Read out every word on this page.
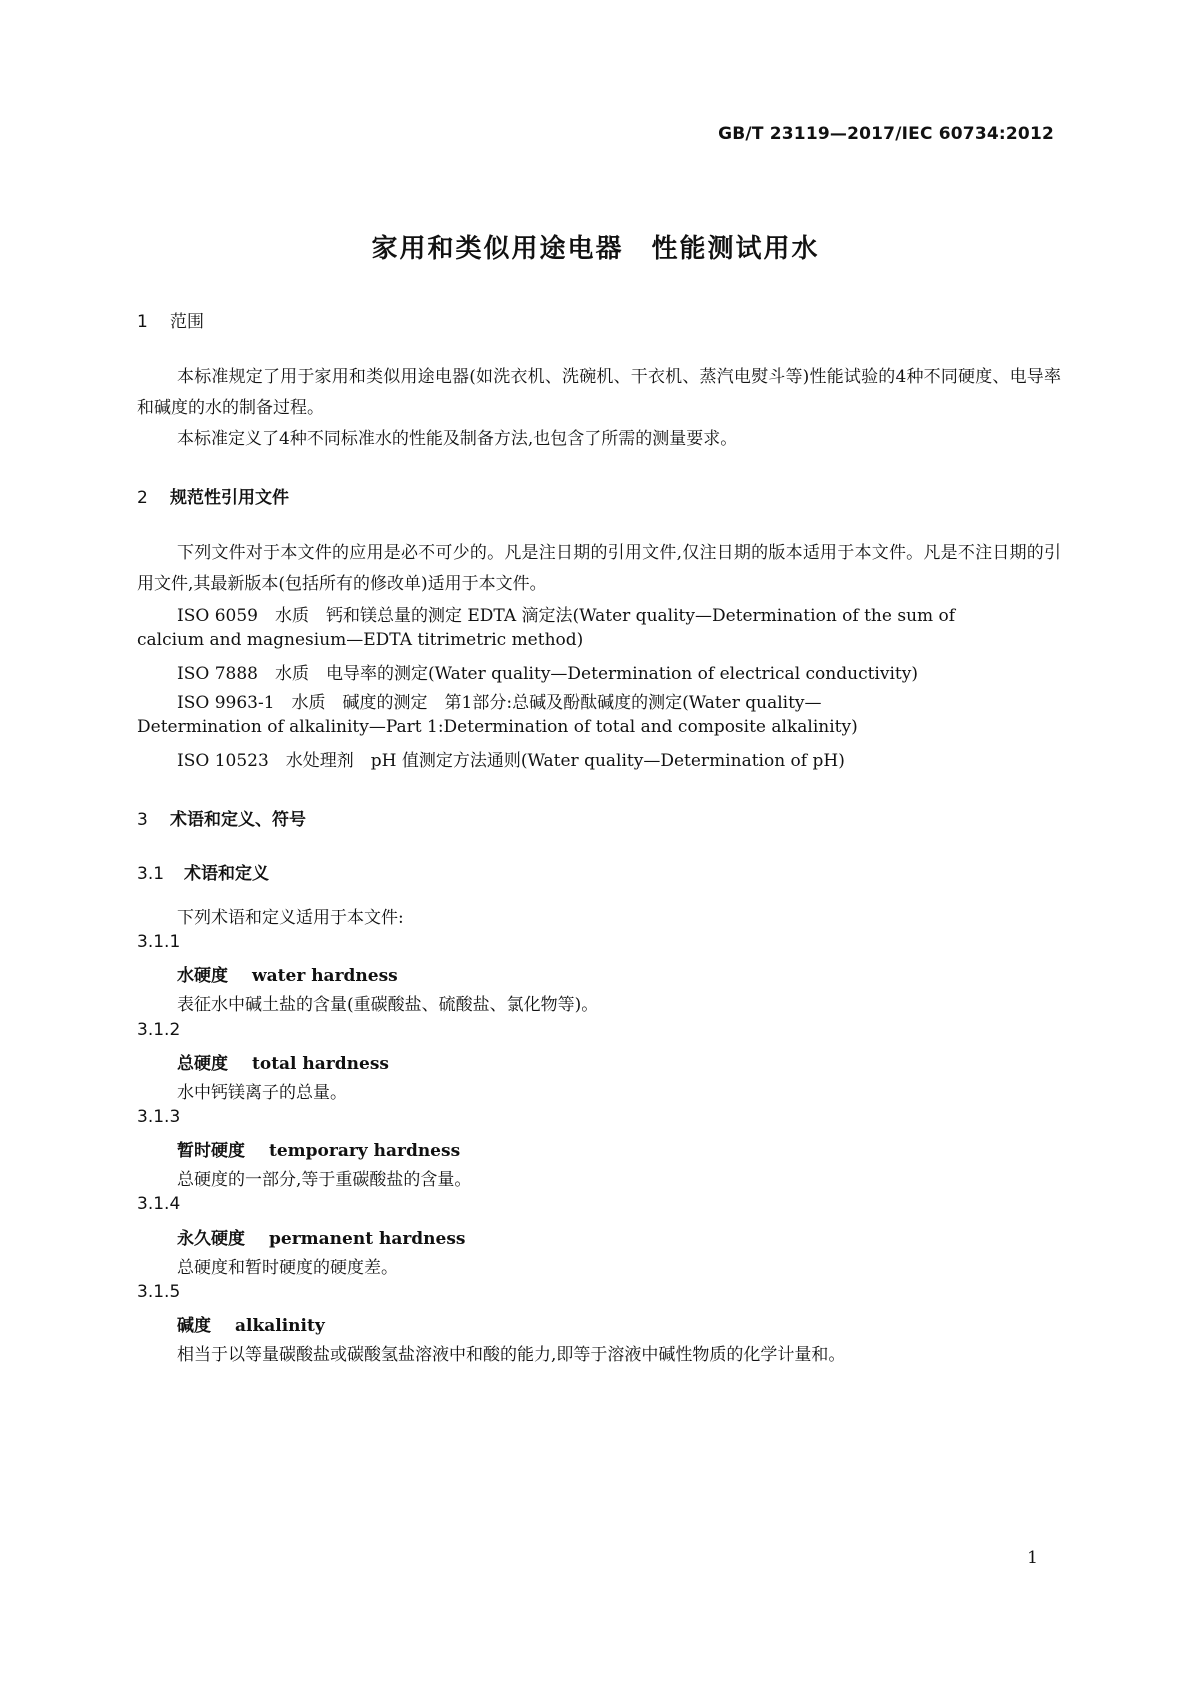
GB/T 23119—2017/IEC 60734:2012
家用和类似用途电器　性能测试用水
1 范围

本标准规定了用于家用和类似用途电器(如洗衣机、洗碗机、干衣机、蒸汽电熨斗等)性能试验的4种不同硬度、电导率和碱度的水的制备过程。

本标准定义了4种不同标准水的性能及制备方法,也包含了所需的测量要求。

2 规范性引用文件

下列文件对于本文件的应用是必不可少的。凡是注日期的引用文件,仅注日期的版本适用于本文件。凡是不注日期的引用文件,其最新版本(包括所有的修改单)适用于本文件。

ISO 6059　水质　钙和镁总量的测定 EDTA 滴定法(Water quality—Determination of the sum of

calcium and magnesium—EDTA titrimetric method)

ISO 7888　水质　电导率的测定(Water quality—Determination of electrical conductivity)

ISO 9963-1　水质　碱度的测定　第1部分:总碱及酚酞碱度的测定(Water quality—

Determination of alkalinity—Part 1:Determination of total and composite alkalinity)

ISO 10523　水处理剂　pH 值测定方法通则(Water quality—Determination of pH)

3 术语和定义、符号
3.1 术语和定义

下列术语和定义适用于本文件:

3.1.1

水硬度 water hardness

表征水中碱土盐的含量(重碳酸盐、硫酸盐、氯化物等)。

3.1.2

总硬度 total hardness

水中钙镁离子的总量。

3.1.3

暂时硬度 temporary hardness

总硬度的一部分,等于重碳酸盐的含量。

3.1.4

永久硬度 permanent hardness

总硬度和暂时硬度的硬度差。

3.1.5

碱度 alkalinity

相当于以等量碳酸盐或碳酸氢盐溶液中和酸的能力,即等于溶液中碱性物质的化学计量和。

1
